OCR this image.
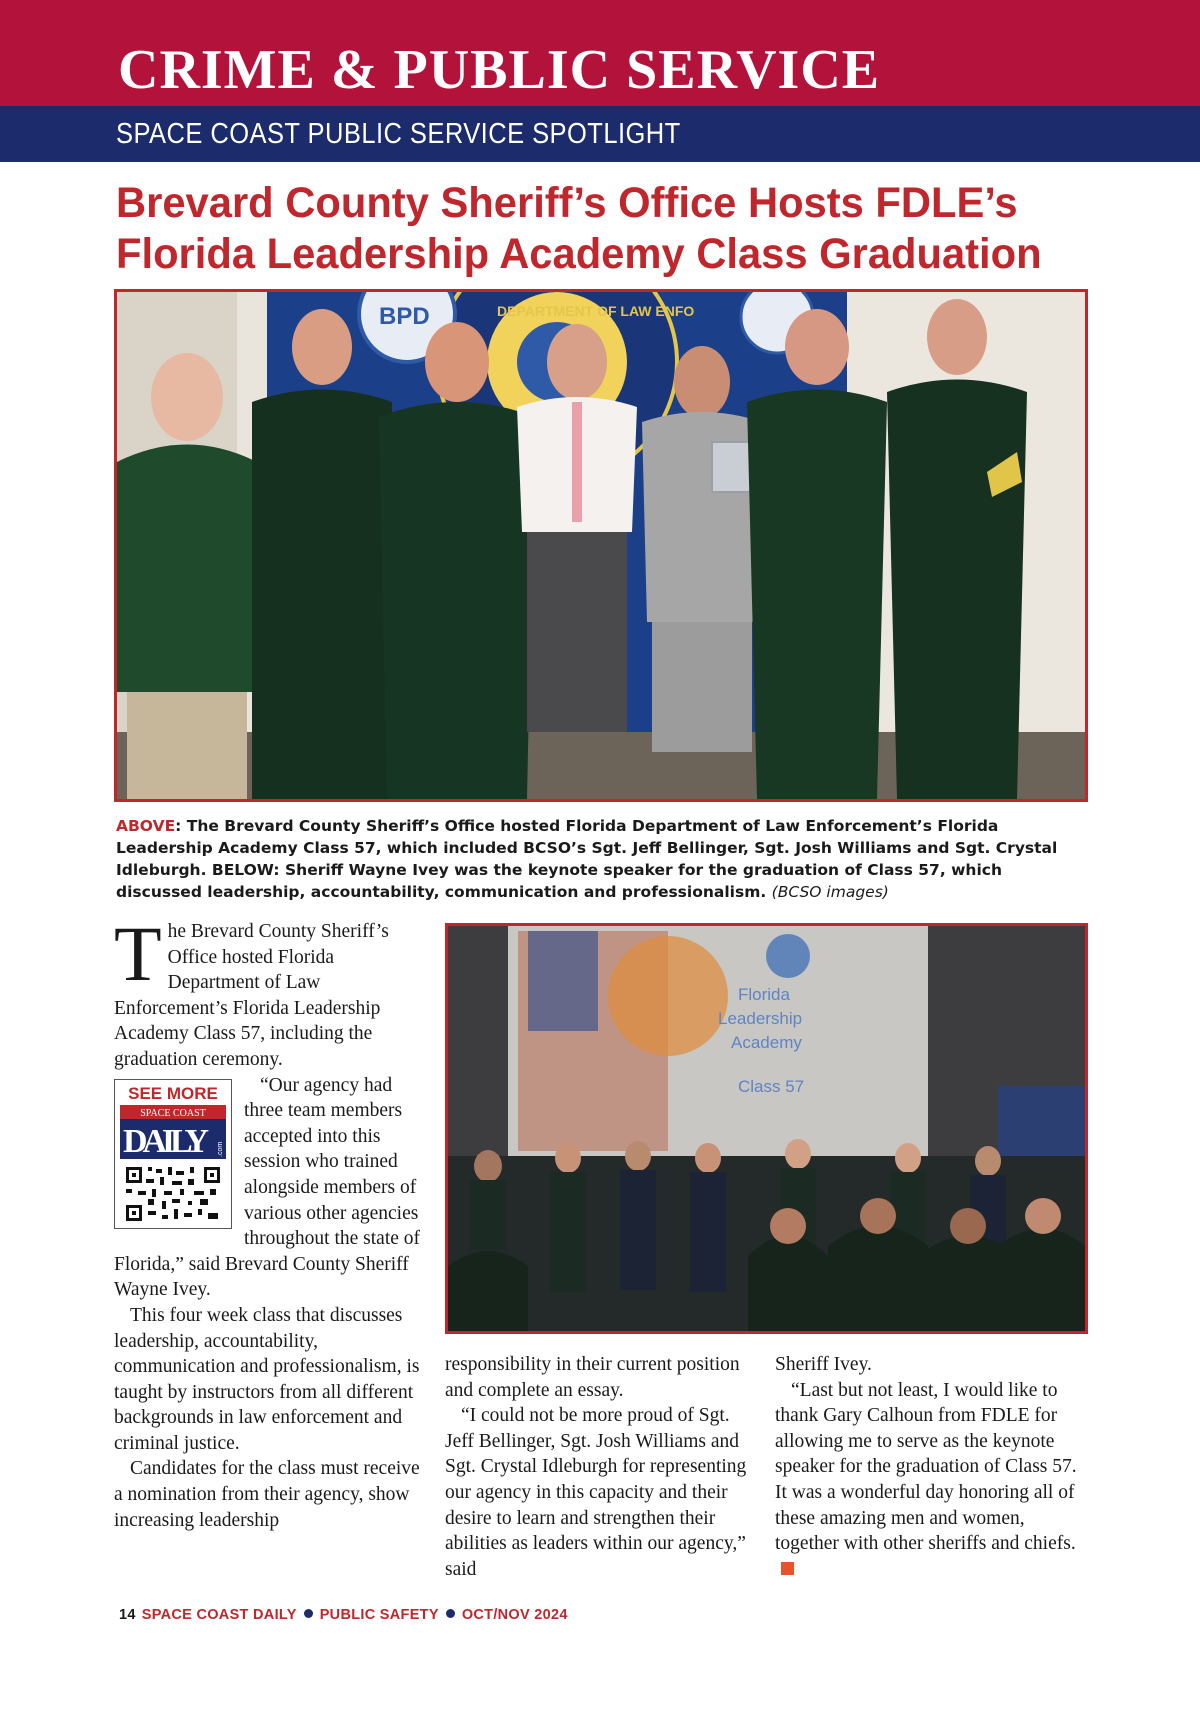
CRIME & PUBLIC SERVICE
SPACE COAST PUBLIC SERVICE SPOTLIGHT
Brevard County Sheriff’s Office Hosts FDLE’s Florida Leadership Academy Class Graduation
DEPARTMENT OF LAW ENFO
BPD
ABOVE: The Brevard County Sheriff’s Office hosted Florida Department of Law Enforcement’s Florida Leadership Academy Class 57, which included BCSO’s Sgt. Jeff Bellinger, Sgt. Josh Williams and Sgt. Crystal Idleburgh. BELOW: Sheriff Wayne Ivey was the keynote speaker for the graduation of Class 57, which discussed leadership, accountability, communication and professionalism. (BCSO images)
Florida
Leadership
Academy
Class 57

The Brevard County Sheriff’s Office hosted Florida Department of Law Enforcement’s Florida Leadership Academy Class 57, including the graduation ceremony.

SEE MORE
SPACE COAST
DAILY .com
“Our agency had three team members accepted into this session who trained alongside members of various other agencies throughout the state of Florida,” said Brevard County Sheriff Wayne Ivey.

This four week class that discusses leadership, accountability, communication and professionalism, is taught by instructors from all different backgrounds in law enforcement and criminal justice.

Candidates for the class must receive a nomination from their agency, show increasing leadership

responsibility in their current position and complete an essay.

“I could not be more proud of Sgt. Jeff Bellinger, Sgt. Josh Williams and Sgt. Crystal Idleburgh for representing our agency in this capacity and their desire to learn and strengthen their abilities as leaders within our agency,” said

Sheriff Ivey.

“Last but not least, I would like to thank Gary Calhoun from FDLE for allowing me to serve as the keynote speaker for the graduation of Class 57. It was a wonderful day honoring all of these amazing men and women, together with other sheriffs and chiefs.

14 SPACE COAST DAILY PUBLIC SAFETY OCT/NOV 2024
